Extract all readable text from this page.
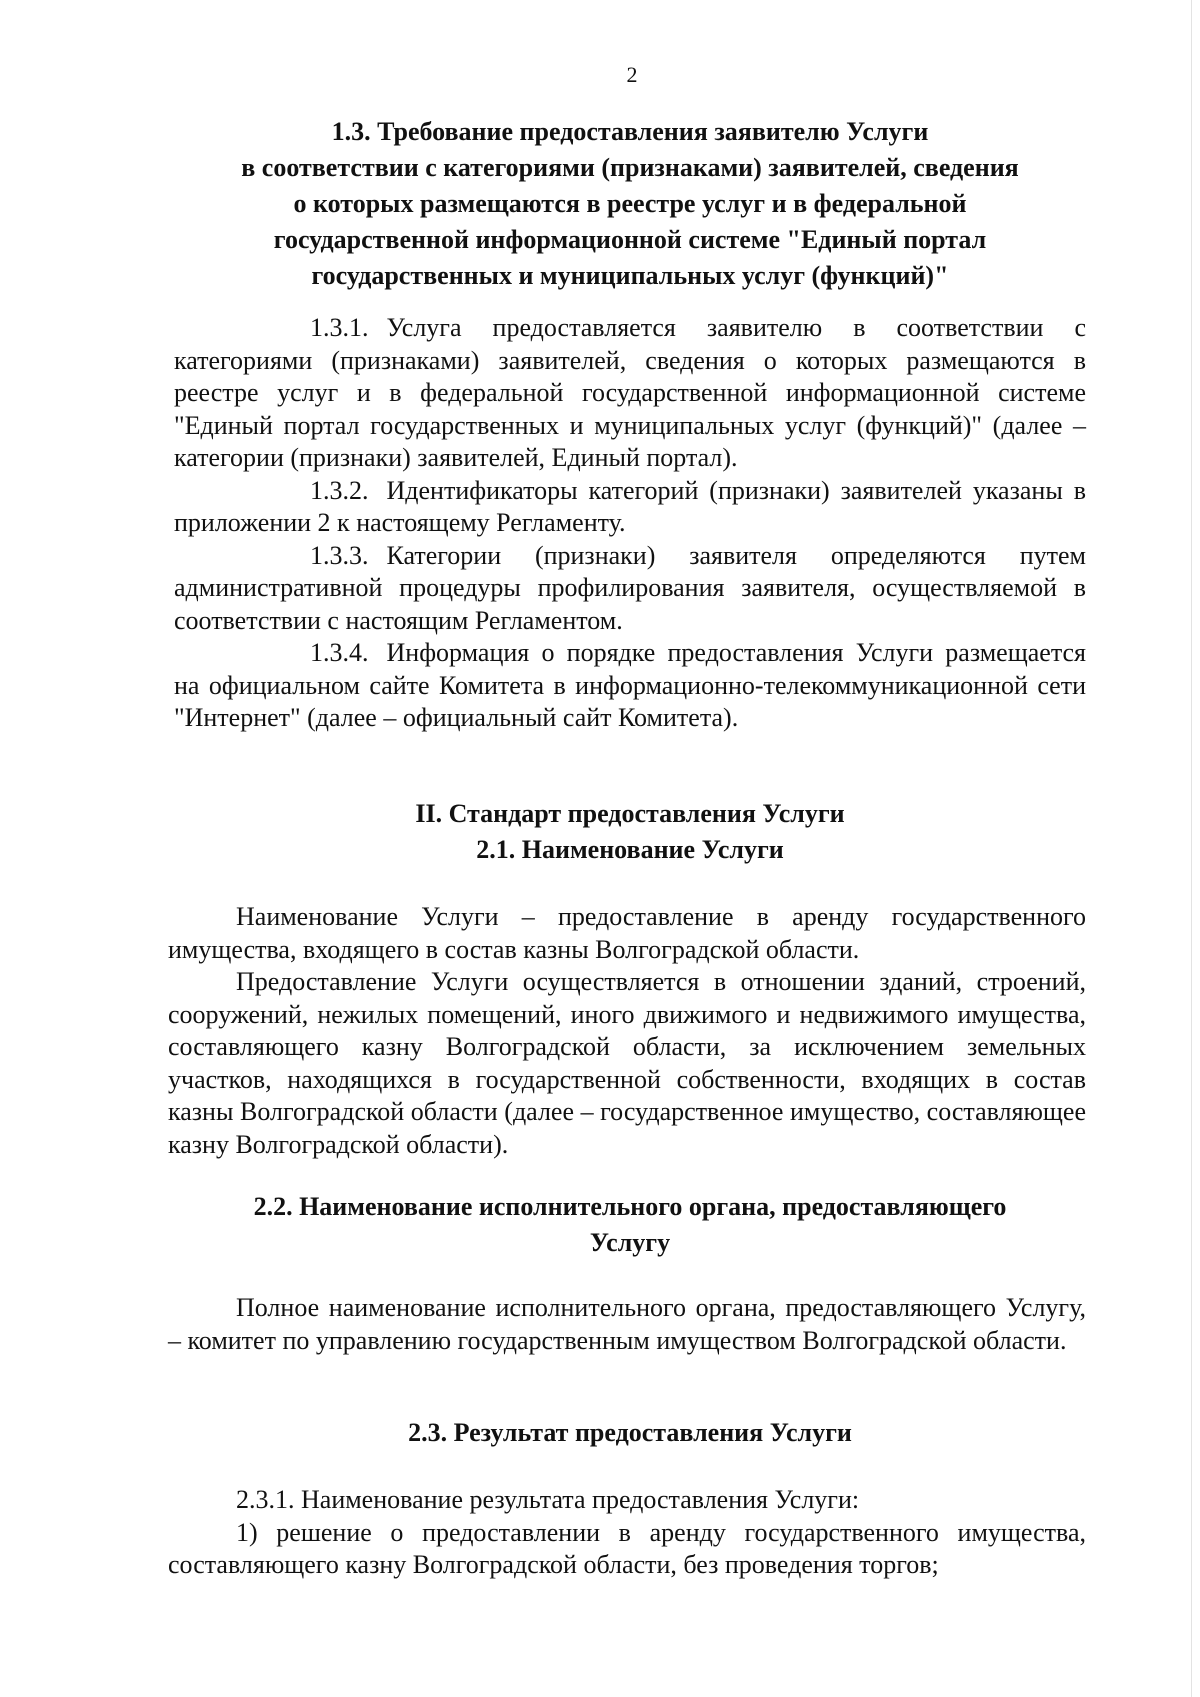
2
1.3. Требование предоставления заявителю Услуги
в соответствии с категориями (признаками) заявителей, сведения
о которых размещаются в реестре услуг и в федеральной
государственной информационной системе "Единый портал
государственных и муниципальных услуг (функций)"

1.3.1. Услуга предоставляется заявителю в соответствии с категориями (признаками) заявителей, сведения о которых размещаются в реестре услуг и в федеральной государственной информационной системе "Единый портал государственных и муниципальных услуг (функций)" (далее – категории (признаки) заявителей, Единый портал).

1.3.2. Идентификаторы категорий (признаки) заявителей указаны в приложении 2 к настоящему Регламенту.

1.3.3. Категории (признаки) заявителя определяются путем административной процедуры профилирования заявителя, осуществляемой в соответствии с настоящим Регламентом.

1.3.4. Информация о порядке предоставления Услуги размещается на официальном сайте Комитета в информационно-телекоммуникационной сети "Интернет" (далее – официальный сайт Комитета).

II. Стандарт предоставления Услуги
2.1. Наименование Услуги

Наименование Услуги – предоставление в аренду государственного имущества, входящего в состав казны Волгоградской области.

Предоставление Услуги осуществляется в отношении зданий, строений, сооружений, нежилых помещений, иного движимого и недвижимого имущества, составляющего казну Волгоградской области, за исключением земельных участков, находящихся в государственной собственности, входящих в состав казны Волгоградской области (далее – государственное имущество, составляющее казну Волгоградской области).

2.2. Наименование исполнительного органа, предоставляющего
Услугу

Полное наименование исполнительного органа, предоставляющего Услугу, – комитет по управлению государственным имуществом Волгоградской области.

2.3. Результат предоставления Услуги

2.3.1. Наименование результата предоставления Услуги:

1) решение о предоставлении в аренду государственного имущества, составляющего казну Волгоградской области, без проведения торгов;
